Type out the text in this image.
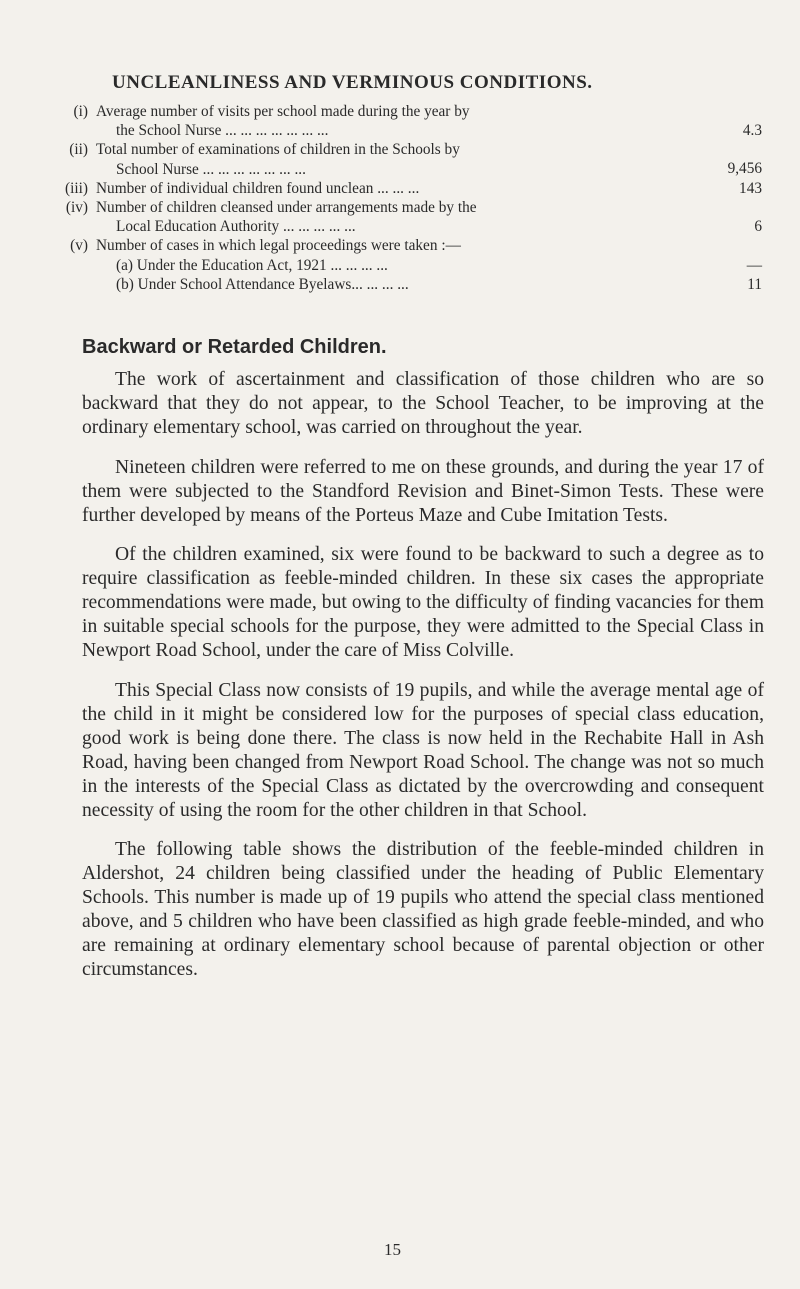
UNCLEANLINESS AND VERMINOUS CONDITIONS.
(i) Average number of visits per school made during the year by
the School Nurse ... ... ... ... ... ... ...	4.3
(ii) Total number of examinations of children in the Schools by
School Nurse ... ... ... ... ... ... ...	9,456
(iii) Number of individual children found unclean ... ... ...	143
(iv) Number of children cleansed under arrangements made by the
Local Education Authority ... ... ... ... ...	6
(v) Number of cases in which legal proceedings were taken :—
(a) Under the Education Act, 1921 ... ... ... ...	—
(b) Under School Attendance Byelaws... ... ... ...	11
Backward or Retarded Children.

The work of ascertainment and classification of those children who are so backward that they do not appear, to the School Teacher, to be improving at the ordinary elementary school, was carried on throughout the year.

Nineteen children were referred to me on these grounds, and during the year 17 of them were subjected to the Standford Revision and Binet-Simon Tests. These were further developed by means of the Porteus Maze and Cube Imitation Tests.

Of the children examined, six were found to be backward to such a degree as to require classification as feeble-minded children. In these six cases the appropriate recommendations were made, but owing to the difficulty of finding vacancies for them in suitable special schools for the purpose, they were admitted to the Special Class in Newport Road School, under the care of Miss Colville.

This Special Class now consists of 19 pupils, and while the average mental age of the child in it might be considered low for the purposes of special class education, good work is being done there. The class is now held in the Rechabite Hall in Ash Road, having been changed from Newport Road School. The change was not so much in the interests of the Special Class as dictated by the overcrowding and consequent necessity of using the room for the other children in that School.

The following table shows the distribution of the feeble-minded children in Aldershot, 24 children being classified under the heading of Public Elementary Schools. This number is made up of 19 pupils who attend the special class mentioned above, and 5 children who have been classified as high grade feeble-minded, and who are remaining at ordinary elementary school because of parental objection or other circumstances.

15
